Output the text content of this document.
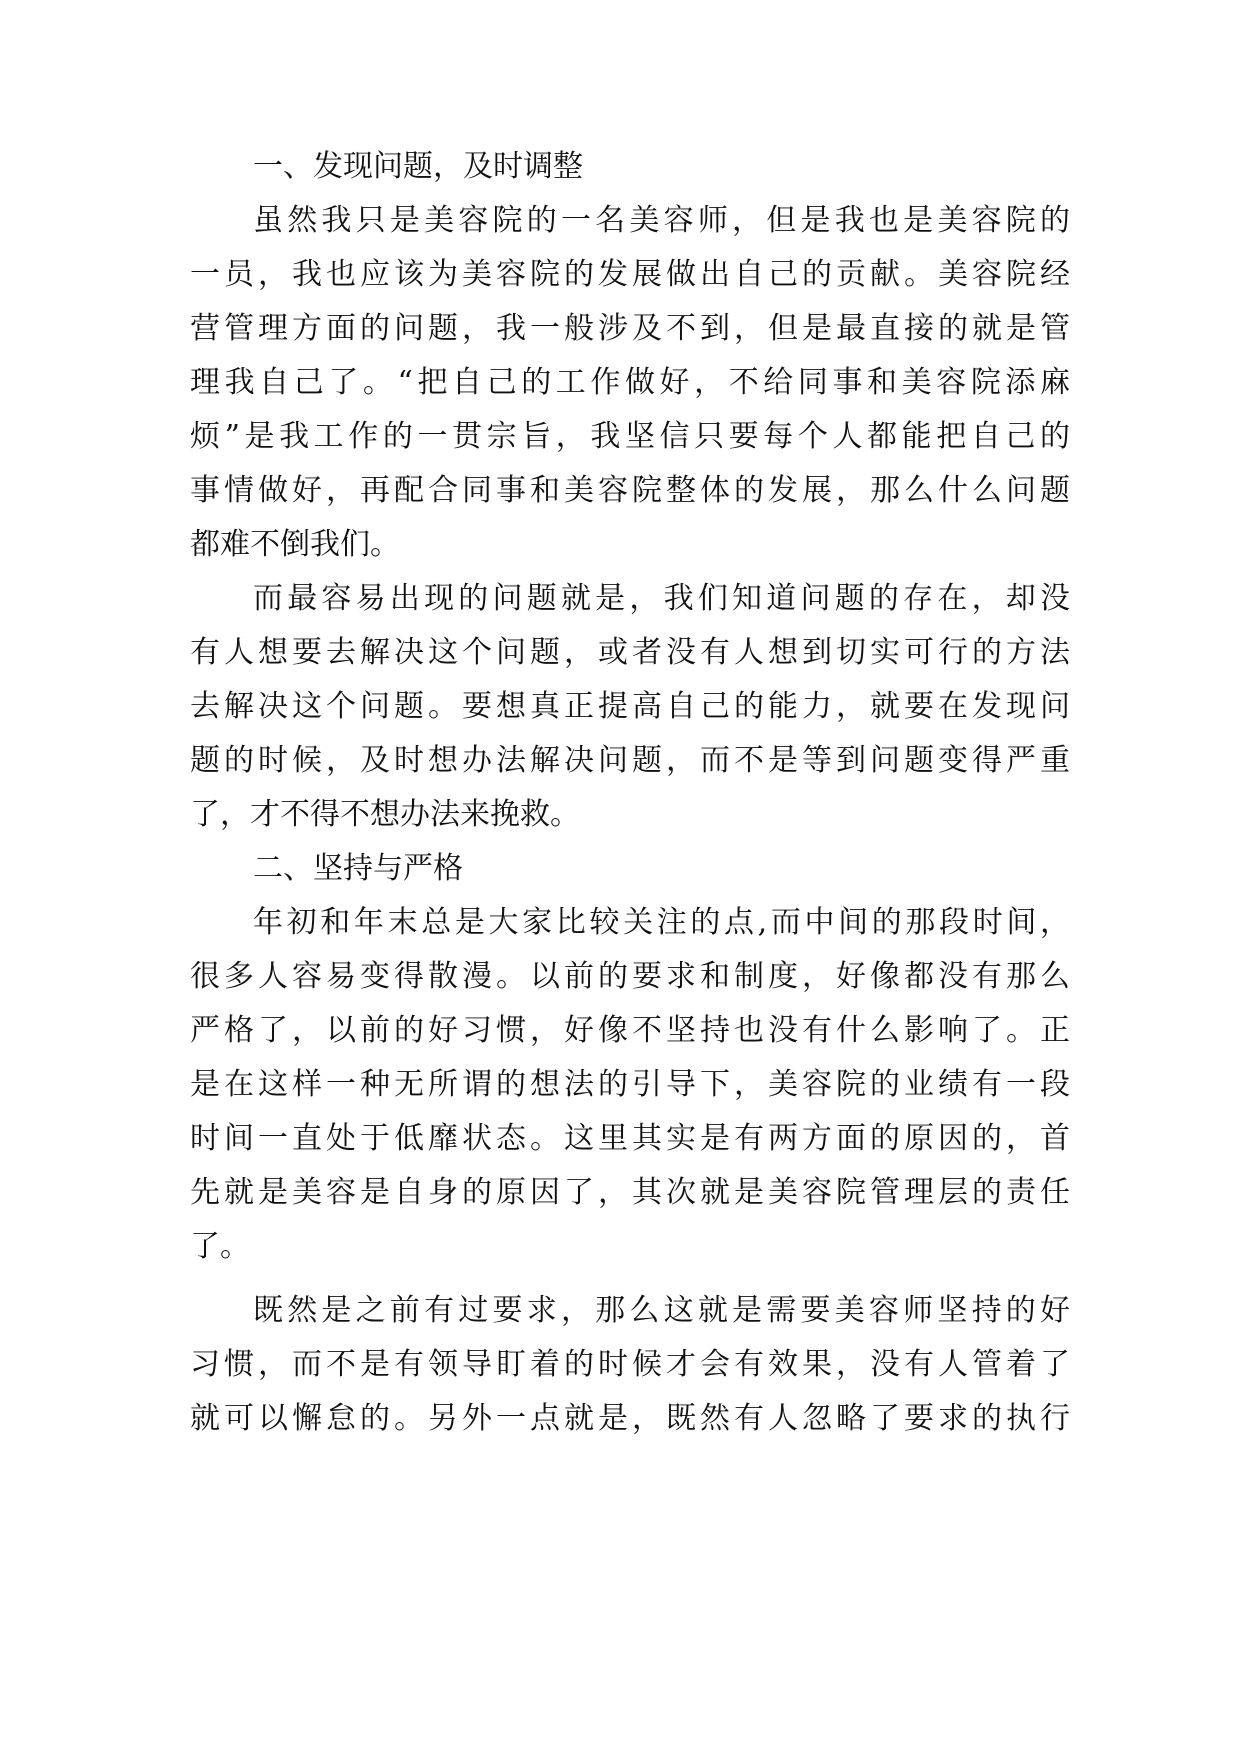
一、发现问题，及时调整

虽然我只是美容院的一名美容师，但是我也是美容院的

一员，我也应该为美容院的发展做出自己的贡献。美容院经

营管理方面的问题，我一般涉及不到，但是最直接的就是管

理我自己了。“把自己的工作做好，不给同事和美容院添麻

烦”是我工作的一贯宗旨，我坚信只要每个人都能把自己的

事情做好，再配合同事和美容院整体的发展，那么什么问题

都难不倒我们。

而最容易出现的问题就是，我们知道问题的存在，却没

有人想要去解决这个问题，或者没有人想到切实可行的方法

去解决这个问题。要想真正提高自己的能力，就要在发现问

题的时候，及时想办法解决问题，而不是等到问题变得严重

了，才不得不想办法来挽救。

二、坚持与严格

年初和年末总是大家比较关注的点,而中间的那段时间，

很多人容易变得散漫。以前的要求和制度，好像都没有那么

严格了，以前的好习惯，好像不坚持也没有什么影响了。正

是在这样一种无所谓的想法的引导下，美容院的业绩有一段

时间一直处于低靡状态。这里其实是有两方面的原因的，首

先就是美容是自身的原因了，其次就是美容院管理层的责任

了。

既然是之前有过要求，那么这就是需要美容师坚持的好

习惯，而不是有领导盯着的时候才会有效果，没有人管着了

就可以懈怠的。另外一点就是，既然有人忽略了要求的执行
